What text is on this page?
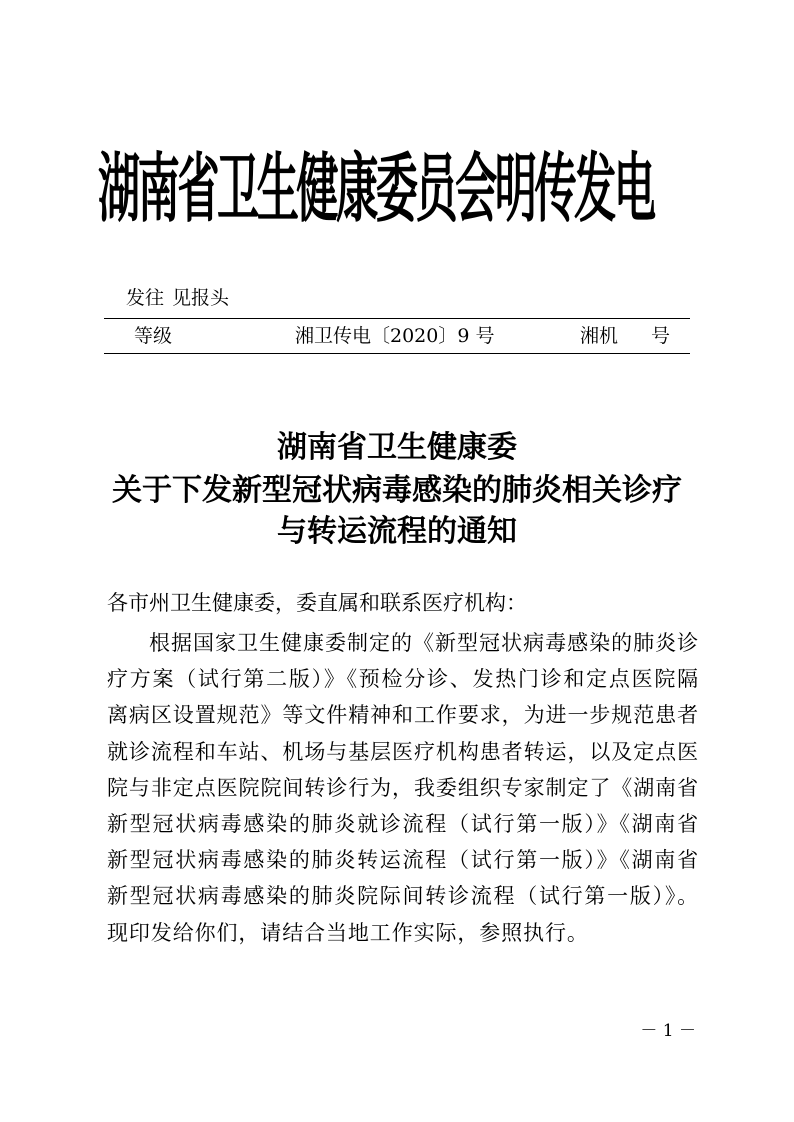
湖南省卫生健康委员会明传发电
发往 见报头
等级	湘卫传电〔2020〕9 号	湘机 号
湖南省卫生健康委
关于下发新型冠状病毒感染的肺炎相关诊疗
与转运流程的通知
各市州卫生健康委，委直属和联系医疗机构：
根据国家卫生健康委制定的《新型冠状病毒感染的肺炎诊疗方案（试行第二版）》《预检分诊、发热门诊和定点医院隔离病区设置规范》等文件精神和工作要求，为进一步规范患者就诊流程和车站、机场与基层医疗机构患者转运，以及定点医院与非定点医院院间转诊行为，我委组织专家制定了《湖南省新型冠状病毒感染的肺炎就诊流程（试行第一版）》《湖南省新型冠状病毒感染的肺炎转运流程（试行第一版）》《湖南省新型冠状病毒感染的肺炎院际间转诊流程（试行第一版）》。现印发给你们，请结合当地工作实际，参照执行。
－ 1 －
